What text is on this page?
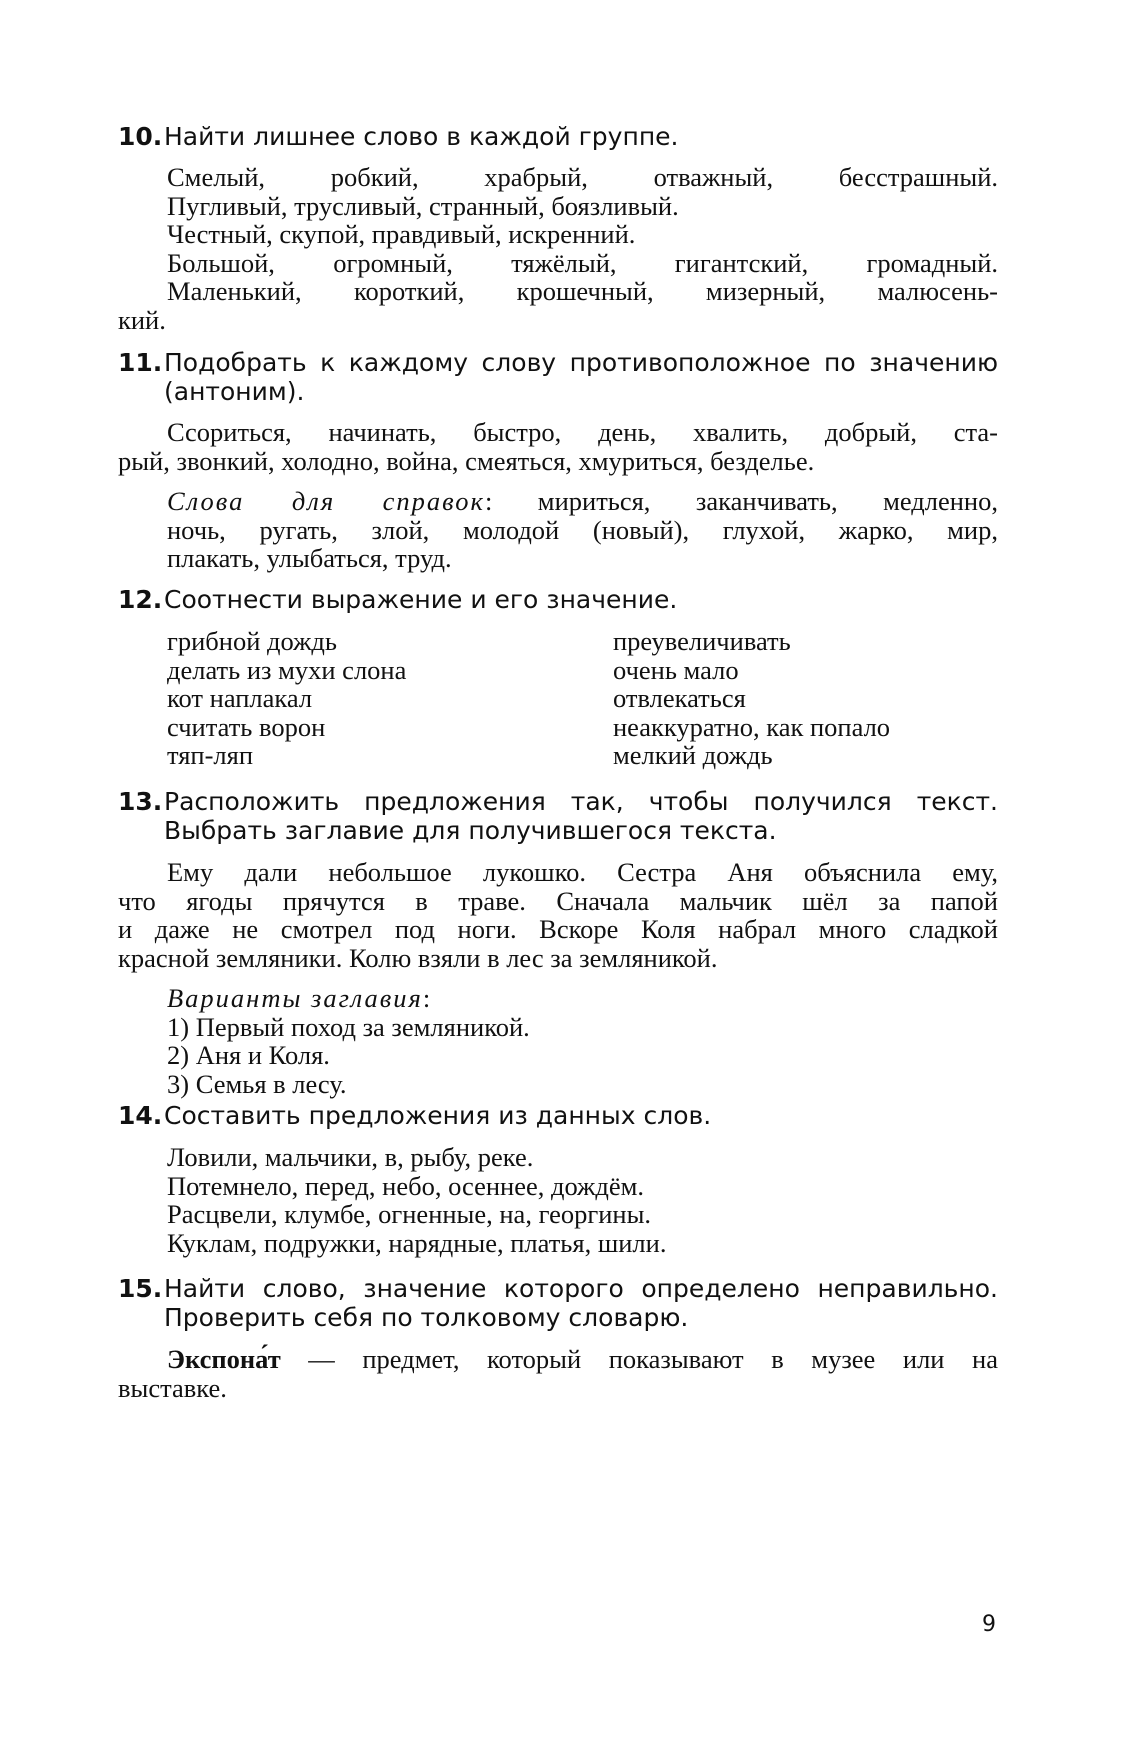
10. Найти лишнее слово в каждой группе.
Смелый, робкий, храбрый, отважный, бесстрашный.
Пугливый, трусливый, странный, боязливый.
Честный, скупой, правдивый, искренний.
Большой, огромный, тяжёлый, гигантский, громадный.
Маленький, короткий, крошечный, мизерный, малюсень-
кий.
11. Подобрать к каждому слову противоположное по значению (антоним).
Ссориться, начинать, быстро, день, хвалить, добрый, ста-
рый, звонкий, холодно, война, смеяться, хмуриться, безделье.
Слова для справок: мириться, заканчивать, медленно,
ночь, ругать, злой, молодой (новый), глухой, жарко, мир,
плакать, улыбаться, труд.
12. Соотнести выражение и его значение.
грибной дождь	преувеличивать
делать из мухи слона	очень мало
кот наплакал	отвлекаться
считать ворон	неаккуратно, как попало
тяп-ляп	мелкий дождь
13. Расположить предложения так, чтобы получился текст.
Выбрать заглавие для получившегося текста.
Ему дали небольшое лукошко. Сестра Аня объяснила ему,
что ягоды прячутся в траве. Сначала мальчик шёл за папой
и даже не смотрел под ноги. Вскоре Коля набрал много сладкой
красной земляники. Колю взяли в лес за земляникой.
Варианты заглавия:
1) Первый поход за земляникой.
2) Аня и Коля.
3) Семья в лесу.
14. Составить предложения из данных слов.
Ловили, мальчики, в, рыбу, реке.
Потемнело, перед, небо, осеннее, дождём.
Расцвели, клумбе, огненные, на, георгины.
Куклам, подружки, нарядные, платья, шили.
15. Найти слово, значение которого определено неправильно.
Проверить себя по толковому словарю.
Экспона́т — предмет, который показывают в музее или на
выставке.
9
